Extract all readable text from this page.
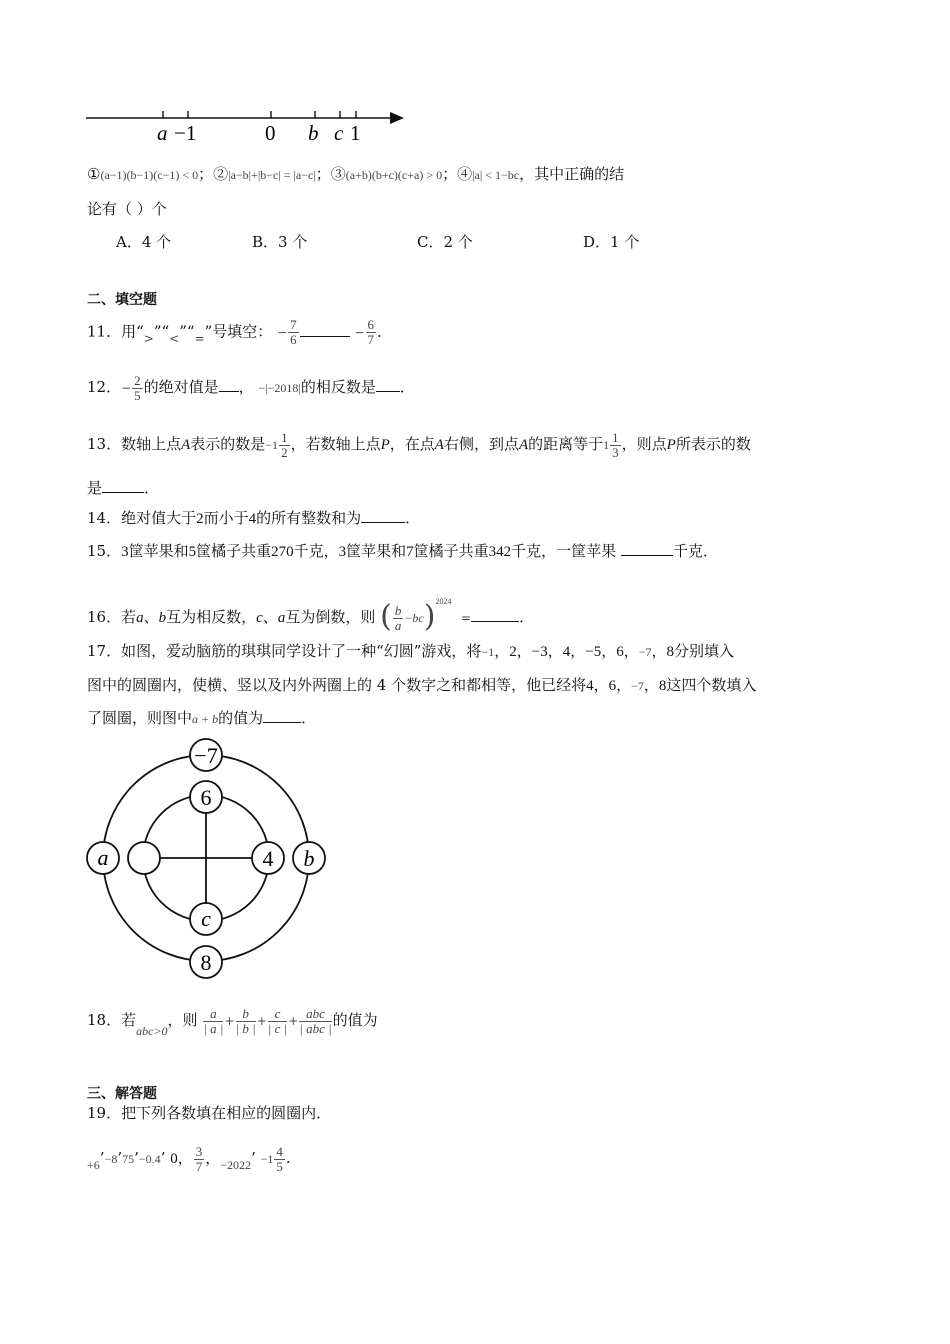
a −1	0 b c 1
①(a−1)(b−1)(c−1) < 0；②|a−b|+|b−c| = |a−c|；③(a+b)(b+c)(c+a) > 0；④|a| < 1−bc，其中正确的结
论有（ ）个
A．4 个	B．3 个	C．2 个	D．1 个
二、填空题
11．用“$_>”“_<”“_=$”号填空： − $\frac{7}{6}$	− $\frac{6}{7}$ ．
12．− $\frac{2}{5}$ 的绝对值是 ， −|−2018|的相反数是 ．
13．数轴上点A表示的数是$-1 \frac{1}{2}$ ，若数轴上点P，在点A右侧，到点A的距离等于$1 \frac{1}{3}$ ，则点P所表示的数
是	．
14．绝对值大于2而小于4的所有整数和为	．
15．3筐苹果和5筐橘子共重270千克，3筐苹果和7筐橘子共重342千克，一筐苹果	千克．
16．若a、b互为相反数，c、a互为倒数，则 ( $\frac{b}{a} -bc)^{2024}$  =	．
17．如图，爱动脑筋的琪琪同学设计了一种“幻圆”游戏，将−1，2，−3，4，−5，6，−7，8分别填入
图中的圆圈内，使横、竖以及内外两圈上的 4 个数字之和都相等，他已经将4，6，−7，8这四个数填入
了圆圈，则图中a + b的值为	．
−7
6
a	4 b
c
8
18．若$_{abc>0}$，则 $\frac{a}{| a |} + \frac{b}{| b |} + \frac{c}{| c |} + \frac{\text{abc}}{\text{| abc |}}$ 的值为
三、解答题
19．把下列各数填在相应的圆圈内．
$_{+6}$’−8’75’−0.4’ 0， $\frac{3}{7}$ ，$_{-2022}$’ $-1 \frac{4}{5}$ .
